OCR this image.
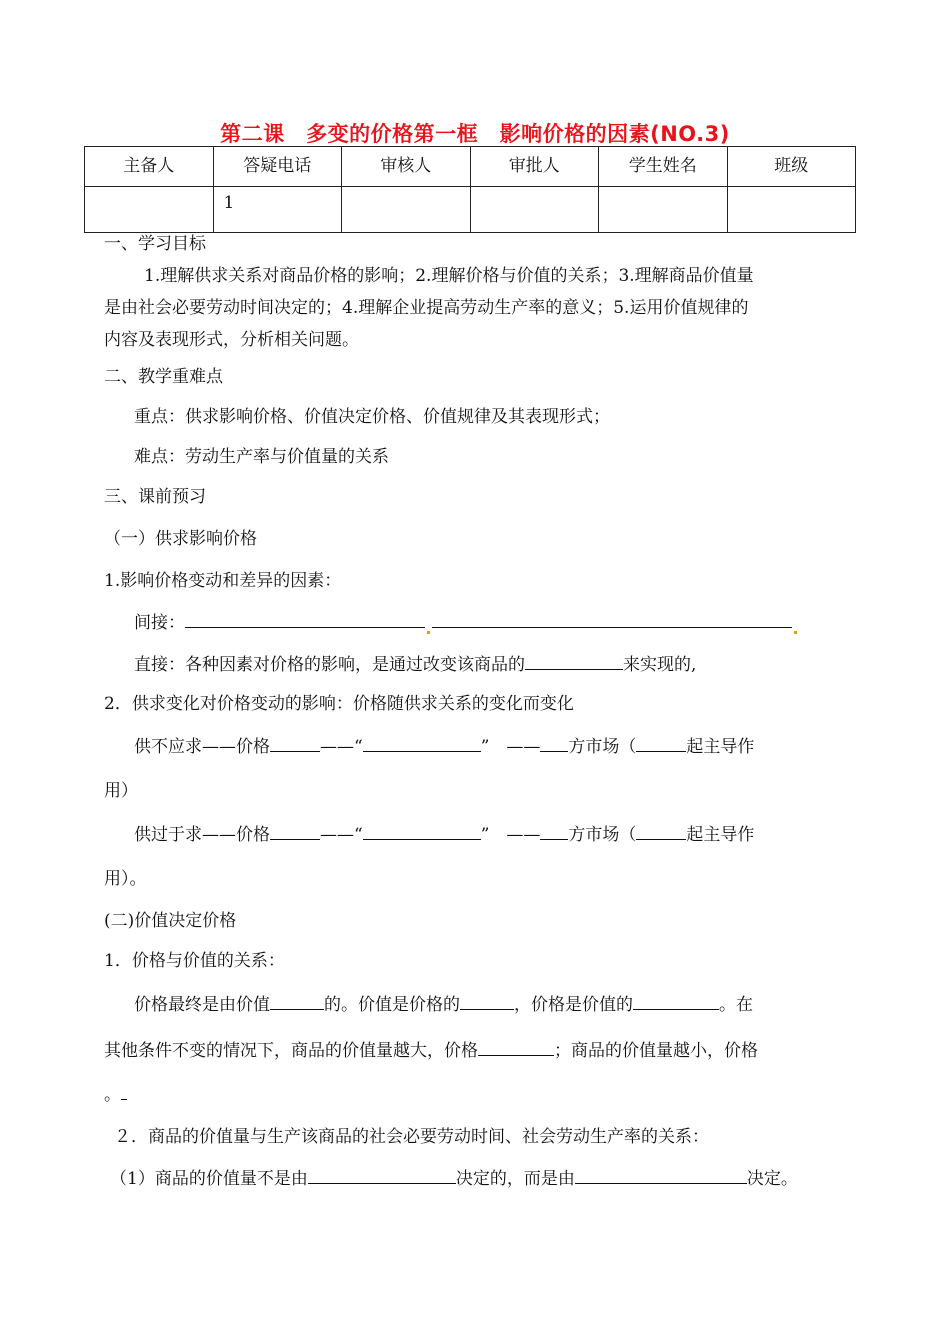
第二课　多变的价格第一框　影响价格的因素(NO.3)
主备人	答疑电话	审核人	审批人	学生姓名	班级
	1				
一、学习目标
1.理解供求关系对商品价格的影响；2.理解价格与价值的关系；3.理解商品价值量
是由社会必要劳动时间决定的；4.理解企业提高劳动生产率的意义；5.运用价值规律的
内容及表现形式，分析相关问题。
二、教学重难点
重点：供求影响价格、价值决定价格、价值规律及其表现形式；
难点：劳动生产率与价值量的关系
三、课前预习
（一）供求影响价格
1.影响价格变动和差异的因素：
间接：
直接：各种因素对价格的影响，是通过改变该商品的	来实现的,
2．供求变化对价格变动的影响：价格随供求关系的变化而变化
供不应求——价格	——“	”　—— 方市场（	起主导作
用）
供过于求——价格	——“	”　—— 方市场（	起主导作
用）。
(二)价值决定价格
1．价格与价值的关系：
价格最终是由价值	的。价值是价格的	，价格是价值的	。在
其他条件不变的情况下，商品的价值量越大，价格	；商品的价值量越小，价格
。
２．商品的价值量与生产该商品的社会必要劳动时间、社会劳动生产率的关系：
（1）商品的价值量不是由	决定的，而是由	决定。
